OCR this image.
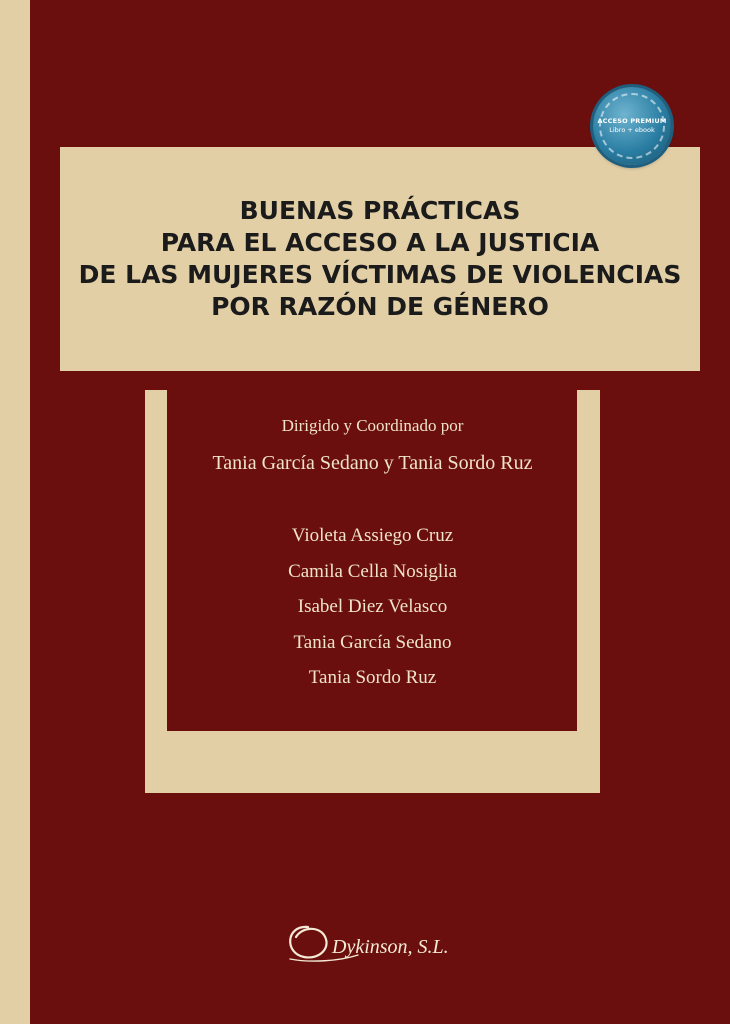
BUENAS PRÁCTICAS
PARA EL ACCESO A LA JUSTICIA
DE LAS MUJERES VÍCTIMAS DE VIOLENCIAS
POR RAZÓN DE GÉNERO
ACCESO PREMIUM
Libro + ebook
Dirigido y Coordinado por
Tania García Sedano y Tania Sordo Ruz
Violeta Assiego Cruz
Camila Cella Nosiglia
Isabel Diez Velasco
Tania García Sedano
Tania Sordo Ruz
Dykinson, S.L.
